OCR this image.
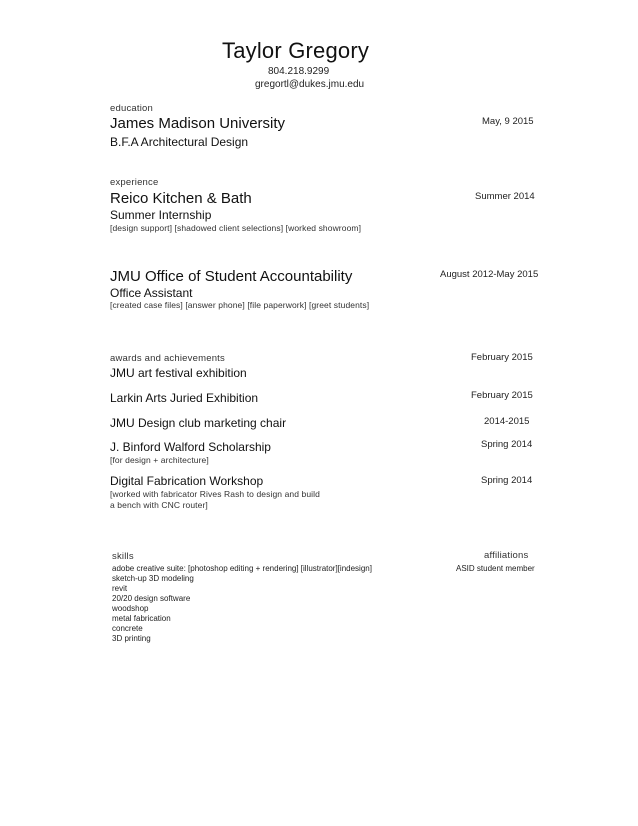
Taylor Gregory
804.218.9299
gregortl@dukes.jmu.edu
education
James Madison University
B.F.A Architectural Design
May, 9 2015
experience
Reico Kitchen & Bath
Summer Internship
[design support] [shadowed client selections] [worked showroom]
Summer 2014
JMU Office of Student Accountability
Office Assistant
[created case files] [answer phone] [file paperwork] [greet students]
August 2012-May 2015
awards and achievements
JMU art festival exhibition
February 2015
Larkin Arts Juried Exhibition	February 2015
JMU Design club marketing chair	2014-2015
J. Binford Walford Scholarship
[for design + architecture]
Spring 2014
Digital Fabrication Workshop
[worked with fabricator Rives Rash to design and build
a bench with CNC router]
Spring 2014
skills
adobe creative suite: [photoshop editing + rendering] [illustrator][indesign]
sketch-up 3D modeling
revit
20/20 design software
woodshop
metal fabrication
concrete
3D printing
affiliations
ASID student member
